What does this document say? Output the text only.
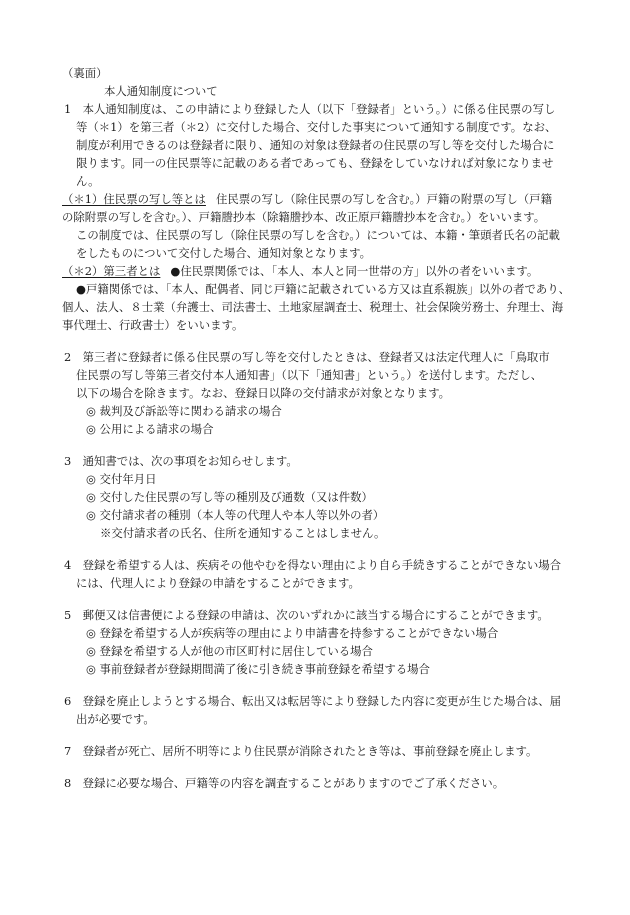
（裏面）
本人通知制度について
1　本人通知制度は、この申請により登録した人（以下「登録者」という。）に係る住民票の写し
等（＊1）を第三者（＊2）に交付した場合、交付した事実について通知する制度です。なお、
制度が利用できるのは登録者に限り、通知の対象は登録者の住民票の写し等を交付した場合に
限ります。同一の住民票等に記載のある者であっても、登録をしていなければ対象になりませ
ん。
（＊1）住民票の写し等とは 住民票の写し（除住民票の写しを含む。）戸籍の附票の写し（戸籍
の除附票の写しを含む。）、戸籍謄抄本（除籍謄抄本、改正原戸籍謄抄本を含む。）をいいます。
この制度では、住民票の写し（除住民票の写しを含む。）については、本籍・筆頭者氏名の記載
をしたものについて交付した場合、通知対象となります。
（＊2）第三者とは ●住民票関係では、「本人、本人と同一世帯の方」以外の者をいいます。
●戸籍関係では、「本人、配偶者、同じ戸籍に記載されている方又は直系親族」以外の者であり、
個人、法人、８士業（弁護士、司法書士、土地家屋調査士、税理士、社会保険労務士、弁理士、海
事代理士、行政書士）をいいます。
2　第三者に登録者に係る住民票の写し等を交付したときは、登録者又は法定代理人に「鳥取市
住民票の写し等第三者交付本人通知書」（以下「通知書」という。）を送付します。ただし、
以下の場合を除きます。なお、登録日以降の交付請求が対象となります。
◎ 裁判及び訴訟等に関わる請求の場合
◎ 公用による請求の場合
3　通知書では、次の事項をお知らせします。
◎ 交付年月日
◎ 交付した住民票の写し等の種別及び通数（又は件数）
◎ 交付請求者の種別（本人等の代理人や本人等以外の者）
※交付請求者の氏名、住所を通知することはしません。
4　登録を希望する人は、疾病その他やむを得ない理由により自ら手続きすることができない場合
には、代理人により登録の申請をすることができます。
5　郵便又は信書便による登録の申請は、次のいずれかに該当する場合にすることができます。
◎ 登録を希望する人が疾病等の理由により申請書を持参することができない場合
◎ 登録を希望する人が他の市区町村に居住している場合
◎ 事前登録者が登録期間満了後に引き続き事前登録を希望する場合
6　登録を廃止しようとする場合、転出又は転居等により登録した内容に変更が生じた場合は、届
出が必要です。
7　登録者が死亡、居所不明等により住民票が消除されたとき等は、事前登録を廃止します。
8　登録に必要な場合、戸籍等の内容を調査することがありますのでご了承ください。
